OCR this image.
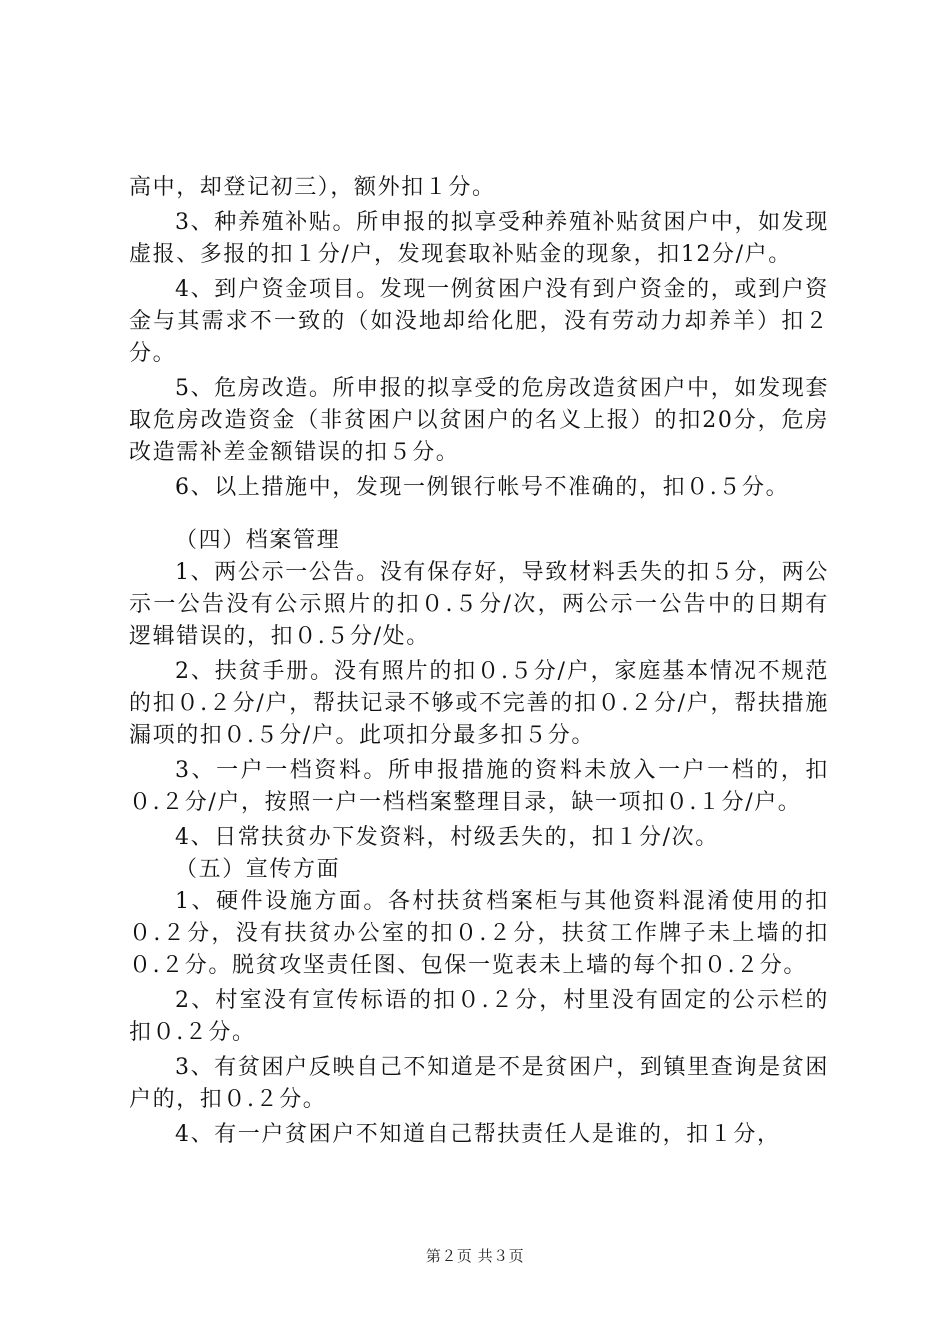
高中，却登记初三），额外扣１分。

3、种养殖补贴。所申报的拟享受种养殖补贴贫困户中，如发现虚报、多报的扣１分/户，发现套取补贴金的现象，扣12分/户。

4、到户资金项目。发现一例贫困户没有到户资金的，或到户资金与其需求不一致的（如没地却给化肥，没有劳动力却养羊）扣２分。

5、危房改造。所申报的拟享受的危房改造贫困户中，如发现套取危房改造资金（非贫困户以贫困户的名义上报）的扣20分，危房改造需补差金额错误的扣５分。

6、以上措施中，发现一例银行帐号不准确的，扣０.５分。

（四）档案管理

1、两公示一公告。没有保存好，导致材料丢失的扣５分，两公示一公告没有公示照片的扣０.５分/次，两公示一公告中的日期有逻辑错误的，扣０.５分/处。

2、扶贫手册。没有照片的扣０.５分/户，家庭基本情况不规范的扣０.２分/户，帮扶记录不够或不完善的扣０.２分/户，帮扶措施漏项的扣０.５分/户。此项扣分最多扣５分。

3、一户一档资料。所申报措施的资料未放入一户一档的，扣０.２分/户，按照一户一档档案整理目录，缺一项扣０.１分/户。

4、日常扶贫办下发资料，村级丢失的，扣１分/次。

（五）宣传方面

1、硬件设施方面。各村扶贫档案柜与其他资料混淆使用的扣０.２分，没有扶贫办公室的扣０.２分，扶贫工作牌子未上墙的扣０.２分。脱贫攻坚责任图、包保一览表未上墙的每个扣０.２分。

2、村室没有宣传标语的扣０.２分，村里没有固定的公示栏的扣０.２分。

3、有贫困户反映自己不知道是不是贫困户，到镇里查询是贫困户的，扣０.２分。

4、有一户贫困户不知道自己帮扶责任人是谁的，扣１分，

第２页 共３页
